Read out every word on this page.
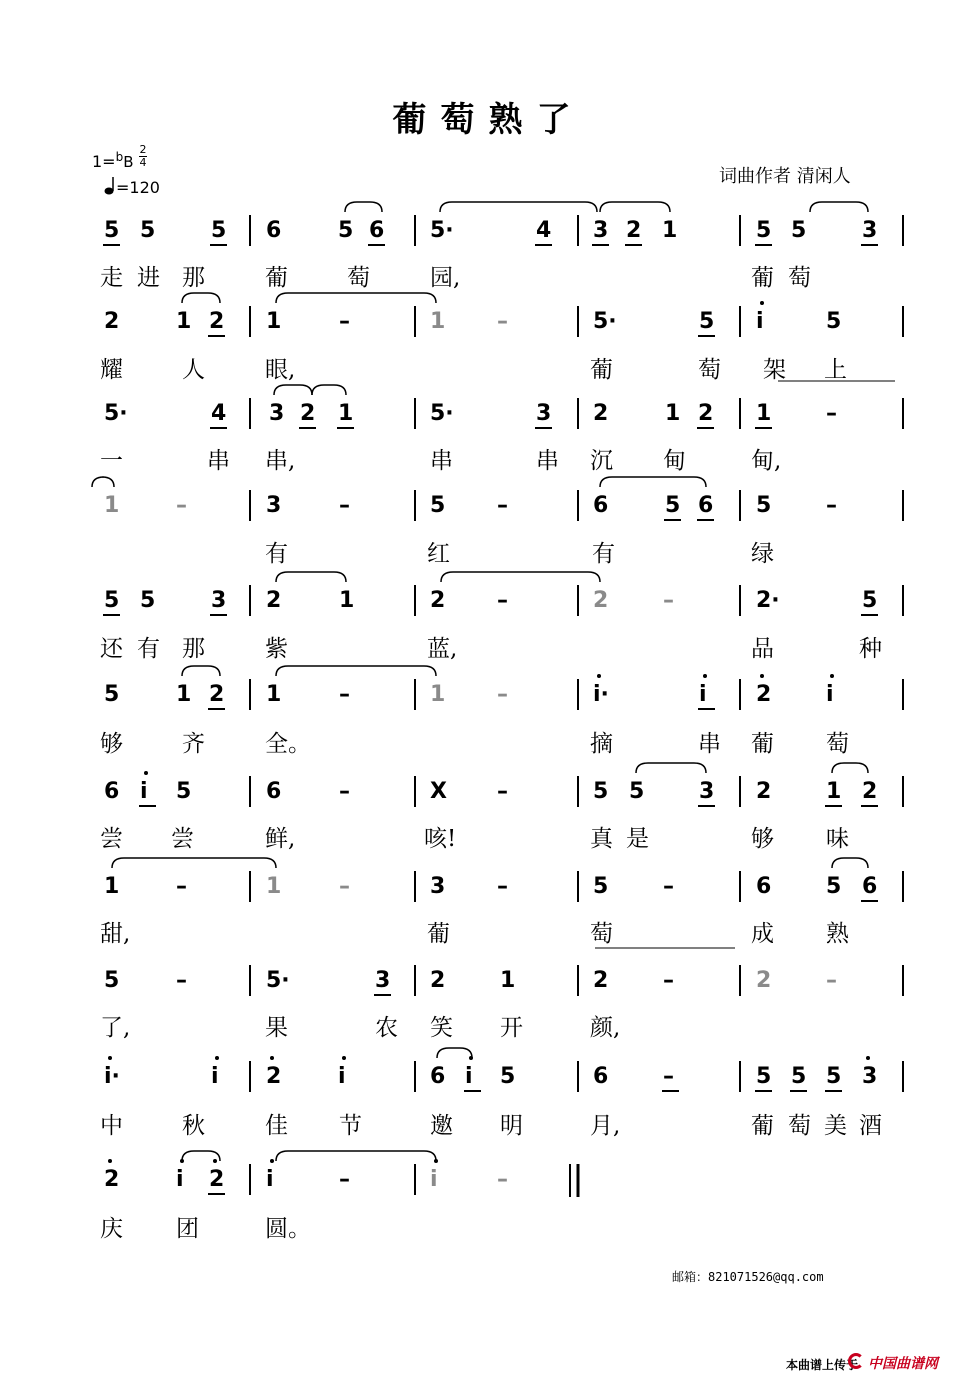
葡萄熟了
1=$^b$B
2
4
=120
词曲作者 清闲人
5 5	5 6	5 6 5·	4 3 2 1	5 5	3
走 进 那	葡	萄	园,	葡 萄
2	1 2 1	–	1 –	5·	5 i	5
耀	人	眼,	葡	萄 架 上
5·	4 3 2 1	5·	3 2	1 2 1 –
一	串 串,	串	串 沉 甸	甸,
1	–	3	–	5 –	6	5 6 5 –
有	红	有	绿
5 5	3 2	1	2 –	2 –	2·	5
还 有 那	紫	蓝,	品	种
5	1 2 1	–	1 –	i·	i 2 i
够	齐	全。	摘	串 葡 萄
6 i 5	6	–	X –	5 5 3 2 1 2
尝 尝	鲜,	咳!	真 是	够 味
1	–	1	–	3 –	5 –	6 5 6
甜,	葡	萄	成 熟
5	–	5·	3 2 1	2 –	2 –
了,	果	农 笑 开	颜,
i·	i 2	i	6 i 5	6 –	5 5 5 3
中	秋	佳 节	邀 明	月,	葡 萄 美 酒
2	i 2 i	–	i	–
庆 团	圆。
邮箱：821071526@qq.com
本曲谱上传于 中国曲谱网
